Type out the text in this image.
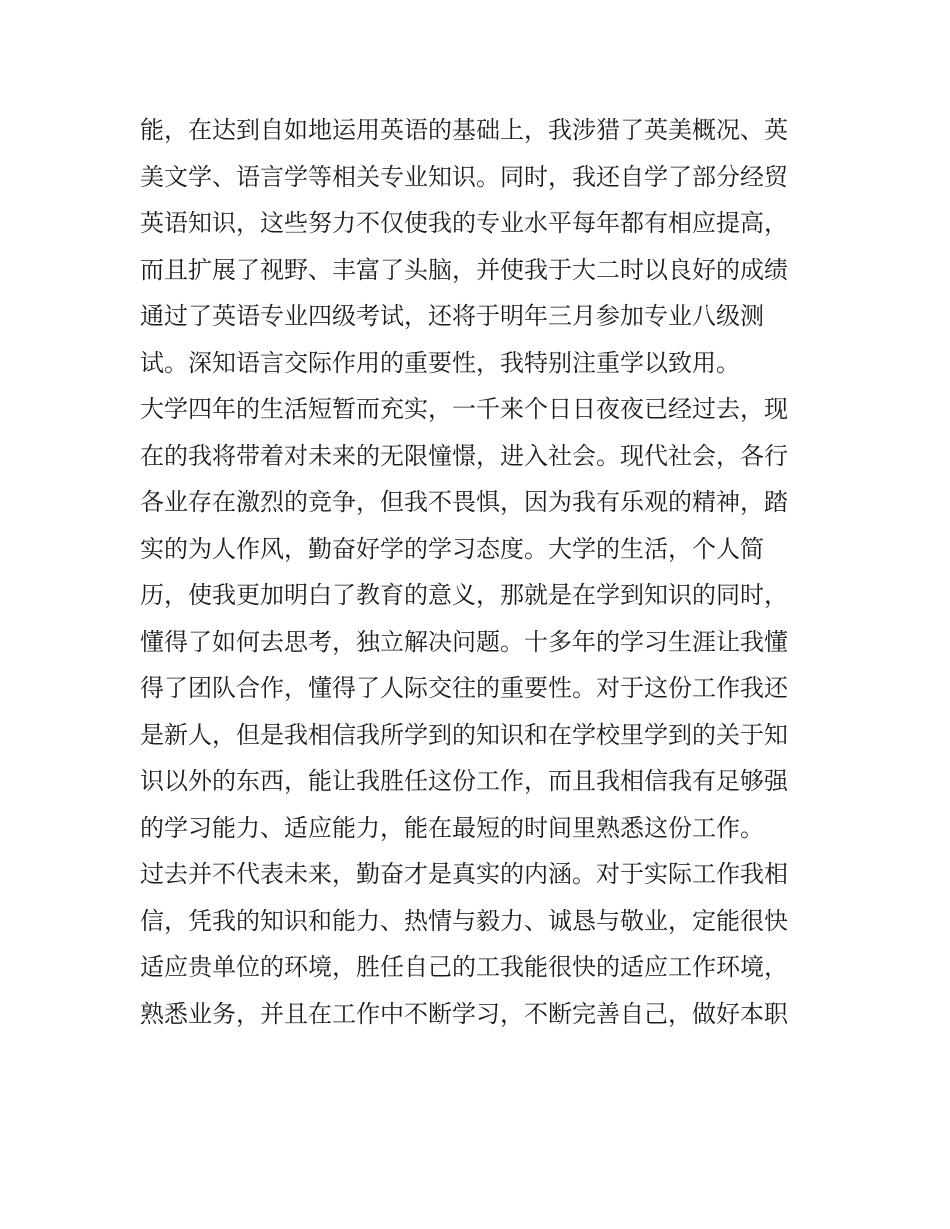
能，在达到自如地运用英语的基础上，我涉猎了英美概况、英
美文学、语言学等相关专业知识。同时，我还自学了部分经贸
英语知识，这些努力不仅使我的专业水平每年都有相应提高，
而且扩展了视野、丰富了头脑，并使我于大二时以良好的成绩
通过了英语专业四级考试，还将于明年三月参加专业八级测
试。深知语言交际作用的重要性，我特别注重学以致用。
大学四年的生活短暂而充实，一千来个日日夜夜已经过去，现
在的我将带着对未来的无限憧憬，进入社会。现代社会，各行
各业存在激烈的竞争，但我不畏惧，因为我有乐观的精神，踏
实的为人作风，勤奋好学的学习态度。大学的生活，个人简
历，使我更加明白了教育的意义，那就是在学到知识的同时，
懂得了如何去思考，独立解决问题。十多年的学习生涯让我懂
得了团队合作，懂得了人际交往的重要性。对于这份工作我还
是新人，但是我相信我所学到的知识和在学校里学到的关于知
识以外的东西，能让我胜任这份工作，而且我相信我有足够强
的学习能力、适应能力，能在最短的时间里熟悉这份工作。
过去并不代表未来，勤奋才是真实的内涵。对于实际工作我相
信，凭我的知识和能力、热情与毅力、诚恳与敬业，定能很快
适应贵单位的环境，胜任自己的工我能很快的适应工作环境，
熟悉业务，并且在工作中不断学习，不断完善自己，做好本职
